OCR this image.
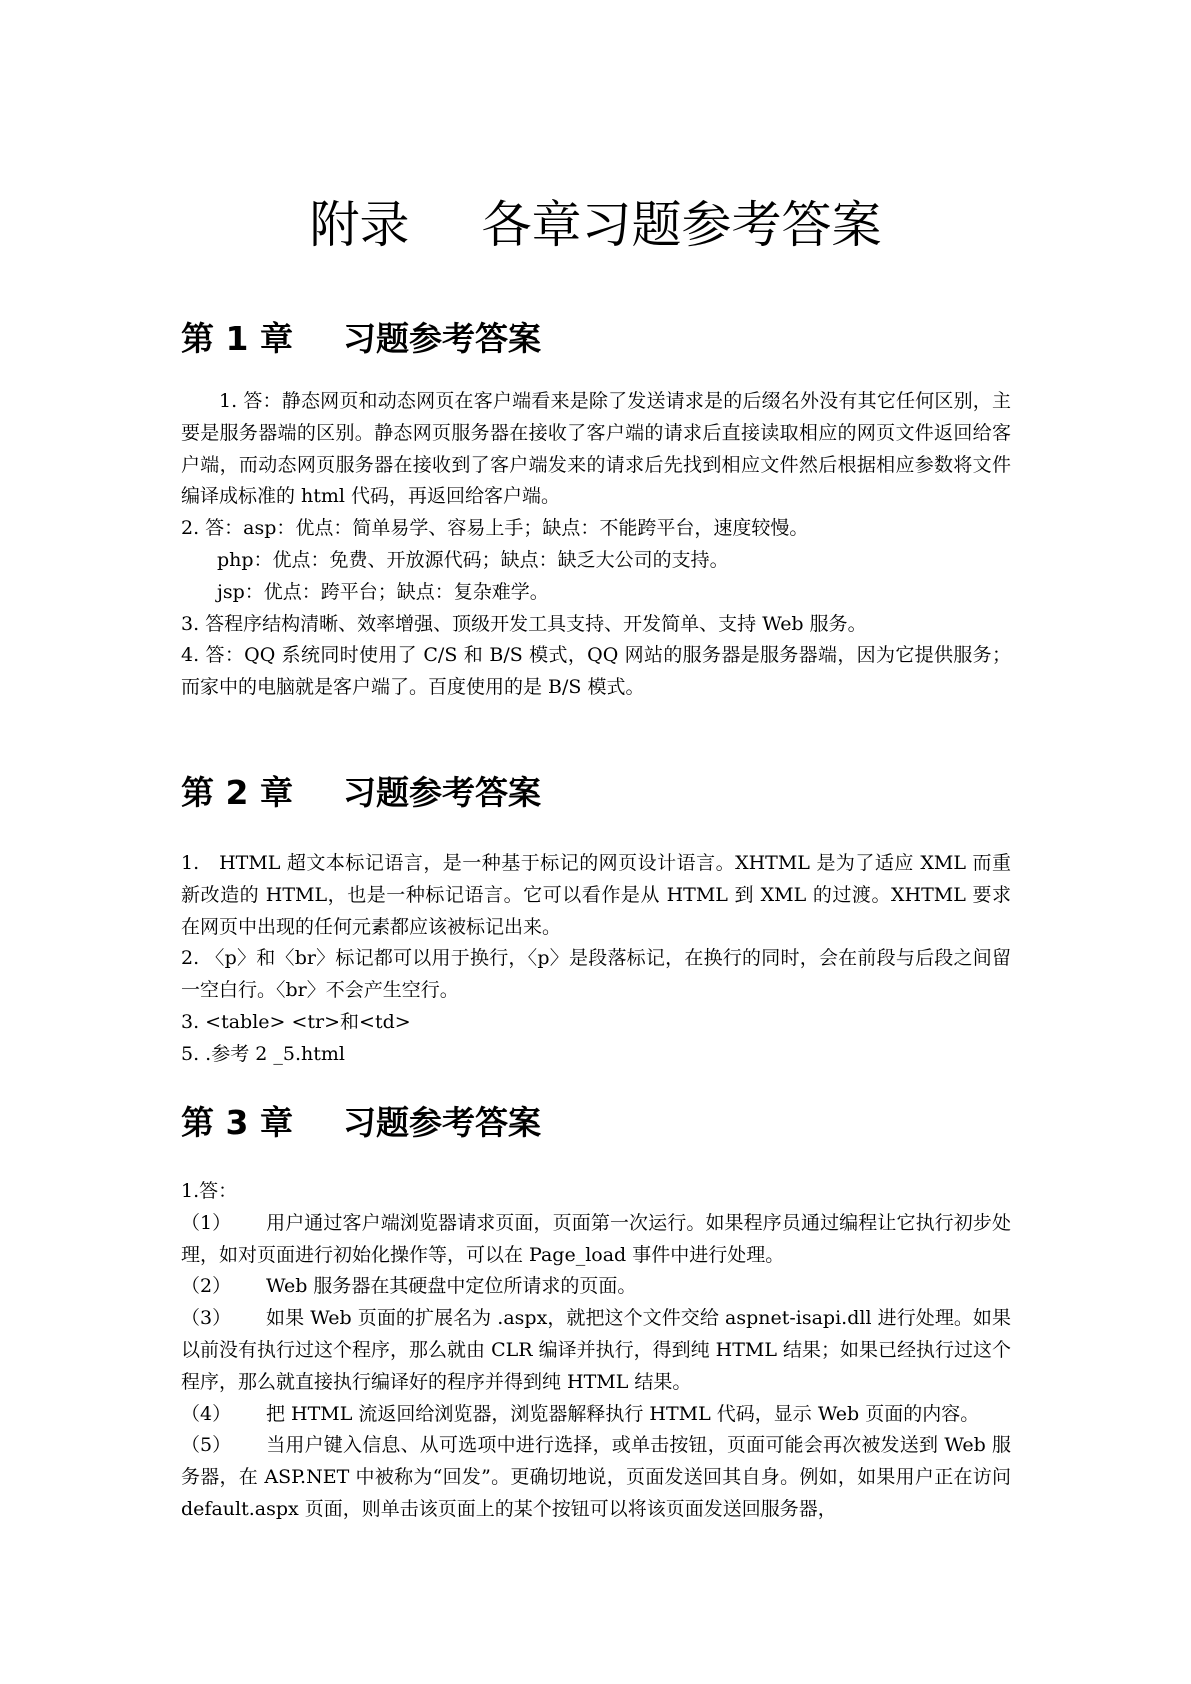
附录 各章习题参考答案
第 1 章 习题参考答案

1. 答：静态网页和动态网页在客户端看来是除了发送请求是的后缀名外没有其它任何区别，主要是服务器端的区别。静态网页服务器在接收了客户端的请求后直接读取相应的网页文件返回给客户端，而动态网页服务器在接收到了客户端发来的请求后先找到相应文件然后根据相应参数将文件编译成标准的 html 代码，再返回给客户端。

2. 答：asp：优点：简单易学、容易上手；缺点：不能跨平台，速度较慢。

php：优点：免费、开放源代码；缺点：缺乏大公司的支持。

jsp：优点：跨平台；缺点：复杂难学。

3. 答程序结构清晰、效率增强、顶级开发工具支持、开发简单、支持 Web 服务。

4. 答：QQ 系统同时使用了 C/S 和 B/S 模式，QQ 网站的服务器是服务器端，因为它提供服务；而家中的电脑就是客户端了。百度使用的是 B/S 模式。

第 2 章 习题参考答案

1.　HTML 超文本标记语言，是一种基于标记的网页设计语言。XHTML 是为了适应 XML 而重新改造的 HTML，也是一种标记语言。它可以看作是从 HTML 到 XML 的过渡。XHTML 要求在网页中出现的任何元素都应该被标记出来。

2. 〈p〉和〈br〉标记都可以用于换行，〈p〉是段落标记，在换行的同时，会在前段与后段之间留一空白行。〈br〉不会产生空行。

3. <table> <tr>和<td>

5. .参考 2 _5.html

第 3 章 习题参考答案

1.答：

（1） 用户通过客户端浏览器请求页面，页面第一次运行。如果程序员通过编程让它执行初步处理，如对页面进行初始化操作等，可以在 Page_load 事件中进行处理。

（2） Web 服务器在其硬盘中定位所请求的页面。

（3） 如果 Web 页面的扩展名为 .aspx，就把这个文件交给 aspnet-isapi.dll 进行处理。如果以前没有执行过这个程序，那么就由 CLR 编译并执行，得到纯 HTML 结果；如果已经执行过这个程序，那么就直接执行编译好的程序并得到纯 HTML 结果。

（4） 把 HTML 流返回给浏览器，浏览器解释执行 HTML 代码，显示 Web 页面的内容。

（5） 当用户键入信息、从可选项中进行选择，或单击按钮，页面可能会再次被发送到 Web 服务器，在 ASP.NET 中被称为“回发”。更确切地说，页面发送回其自身。例如，如果用户正在访问 default.aspx 页面，则单击该页面上的某个按钮可以将该页面发送回服务器，
